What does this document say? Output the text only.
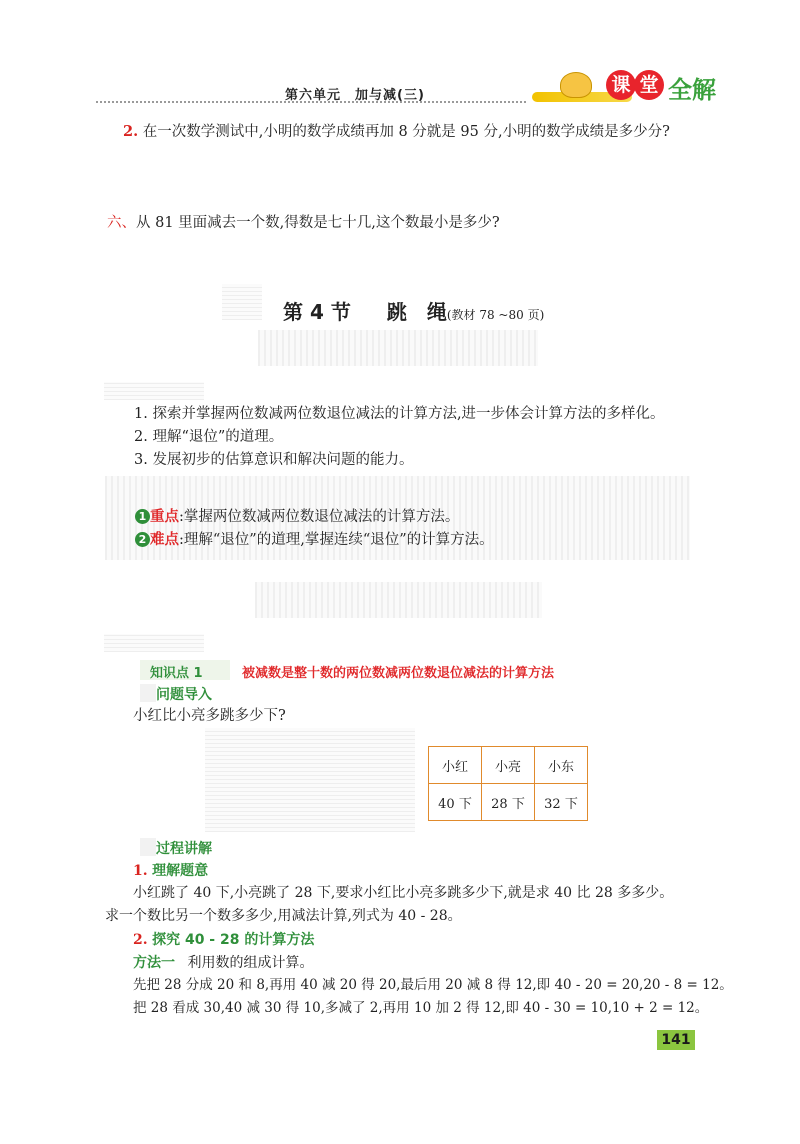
第六单元　加与减(三)	课 堂 全解
2. 在一次数学测试中,小明的数学成绩再加 8 分就是 95 分,小明的数学成绩是多少分?
六、从 81 里面减去一个数,得数是七十几,这个数最小是多少?
第 4 节 跳　绳(教材 78 ~80 页)
1. 探索并掌握两位数减两位数退位减法的计算方法,进一步体会计算方法的多样化。
2. 理解“退位”的道理。
3. 发展初步的估算意识和解决问题的能力。
1 重点:掌握两位数减两位数退位减法的计算方法。
2 难点:理解“退位”的道理,掌握连续“退位”的计算方法。
知识点 1	被减数是整十数的两位数减两位数退位减法的计算方法
问题导入
小红比小亮多跳多少下?
小红	小亮	小东
40 下	28 下	32 下
过程讲解
1. 理解题意
小红跳了 40 下,小亮跳了 28 下,要求小红比小亮多跳多少下,就是求 40 比 28 多多少。
求一个数比另一个数多多少,用减法计算,列式为 40 - 28。
2. 探究 40 - 28 的计算方法
方法一 利用数的组成计算。
先把 28 分成 20 和 8,再用 40 减 20 得 20,最后用 20 减 8 得 12,即 40 - 20 = 20,20 - 8 = 12。
把 28 看成 30,40 减 30 得 10,多减了 2,再用 10 加 2 得 12,即 40 - 30 = 10,10 + 2 = 12。
141
